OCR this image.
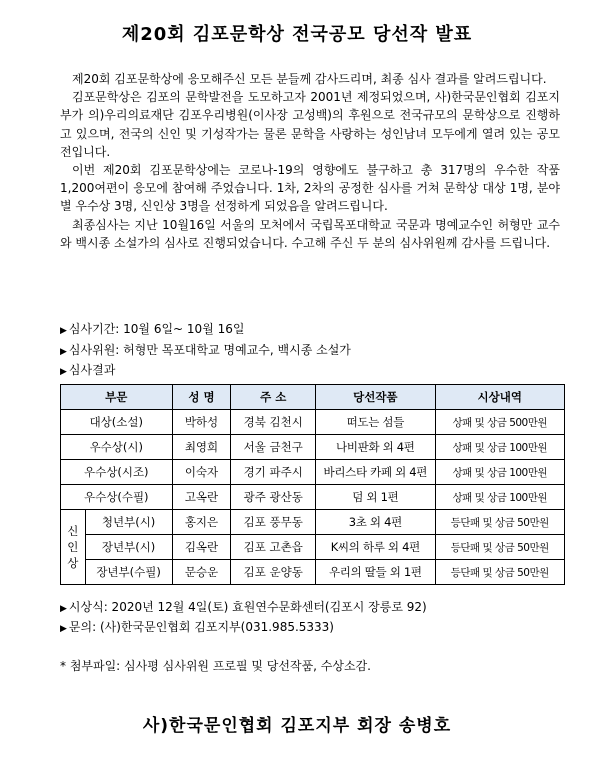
제20회 김포문학상 전국공모 당선작 발표

제20회 김포문학상에 응모해주신 모든 분들께 감사드리며, 최종 심사 결과를 알려드립니다.

김포문학상은 김포의 문학발전을 도모하고자 2001년 제정되었으며, 사)한국문인협회 김포지부가 의)우리의료재단 김포우리병원(이사장 고성백)의 후원으로 전국규모의 문학상으로 진행하고 있으며, 전국의 신인 및 기성작가는 물론 문학을 사랑하는 성인남녀 모두에게 열려 있는 공모전입니다.

이번 제20회 김포문학상에는 코로나-19의 영향에도 불구하고 총 317명의 우수한 작품 1,200여편이 응모에 참여해 주었습니다. 1차, 2차의 공정한 심사를 거쳐 문학상 대상 1명, 분야별 우수상 3명, 신인상 3명을 선정하게 되었음을 알려드립니다.

최종심사는 지난 10월16일 서울의 모처에서 국립목포대학교 국문과 명예교수인 허형만 교수와 백시종 소설가의 심사로 진행되었습니다. 수고해 주신 두 분의 심사위원께 감사를 드립니다.

▶ 심사기간: 10월 6일~ 10월 16일
▶ 심사위원: 허형만 목포대학교 명예교수, 백시종 소설가
▶ 심사결과
부문		성 명	주 소	당선작품	시상내역
대상(소설)		박하성	경북 김천시	떠도는 섬들	상패 및 상금 500만원
우수상(시)		최영희	서울 금천구	나비판화 외 4편	상패 및 상금 100만원
우수상(시조)		이숙자	경기 파주시	바리스타 카페 외 4편	상패 및 상금 100만원
우수상(수필)		고옥란	광주 광산동	덤 외 1편	상패 및 상금 100만원
신인상	청년부(시)	홍지은	김포 풍무동	3초 외 4편	등단패 및 상금 50만원
	장년부(시)	김옥란	김포 고촌읍	K씨의 하루 외 4편	등단패 및 상금 50만원
	장년부(수필)	문승운	김포 운양동	우리의 딸들 외 1편	등단패 및 상금 50만원
▶ 시상식: 2020년 12월 4일(토) 효원연수문화센터(김포시 장릉로 92)
▶ 문의: (사)한국문인협회 김포지부(031.985.5333)
* 첨부파일: 심사평 심사위원 프로필 및 당선작품, 수상소감.
사)한국문인협회 김포지부 회장 송병호
